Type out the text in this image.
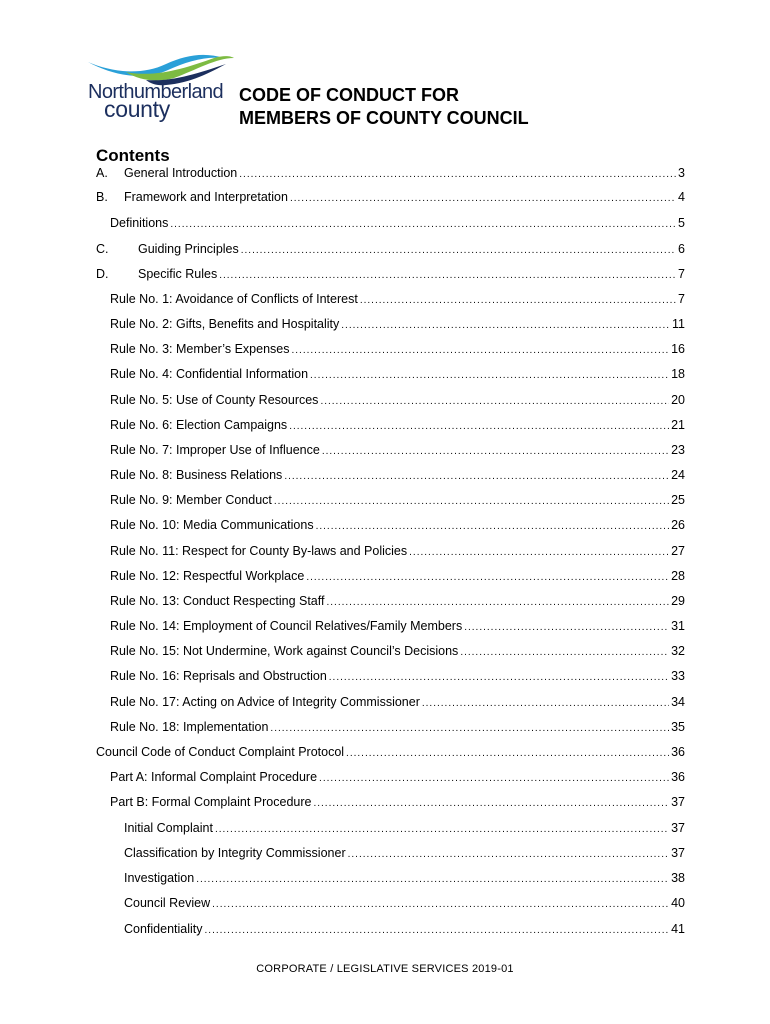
Northumberland
county
CODE OF CONDUCT FOR
MEMBERS OF COUNTY COUNCIL
Contents
A.	General Introduction .....	3
B.	Framework and Interpretation .....	4
Definitions .....	5
C.	Guiding Principles .....	6
D.	Specific Rules .....	7
Rule No. 1: Avoidance of Conflicts of Interest .....	7
Rule No. 2: Gifts, Benefits and Hospitality .....	11
Rule No. 3: Member’s Expenses .....	16
Rule No. 4: Confidential Information .....	18
Rule No. 5: Use of County Resources .....	20
Rule No. 6: Election Campaigns .....	21
Rule No. 7: Improper Use of Influence .....	23
Rule No. 8: Business Relations .....	24
Rule No. 9: Member Conduct .....	25
Rule No. 10: Media Communications .....	26
Rule No. 11: Respect for County By-laws and Policies .....	27
Rule No. 12: Respectful Workplace .....	28
Rule No. 13: Conduct Respecting Staff .....	29
Rule No. 14: Employment of Council Relatives/Family Members .....	31
Rule No. 15: Not Undermine, Work against Council’s Decisions .....	32
Rule No. 16: Reprisals and Obstruction .....	33
Rule No. 17: Acting on Advice of Integrity Commissioner .....	34
Rule No. 18: Implementation .....	35
Council Code of Conduct Complaint Protocol .....	36
Part A: Informal Complaint Procedure .....	36
Part B: Formal Complaint Procedure .....	37
Initial Complaint .....	37
Classification by Integrity Commissioner .....	37
Investigation .....	38
Council Review .....	40
Confidentiality .....	41
CORPORATE / LEGISLATIVE SERVICES 2019-01
